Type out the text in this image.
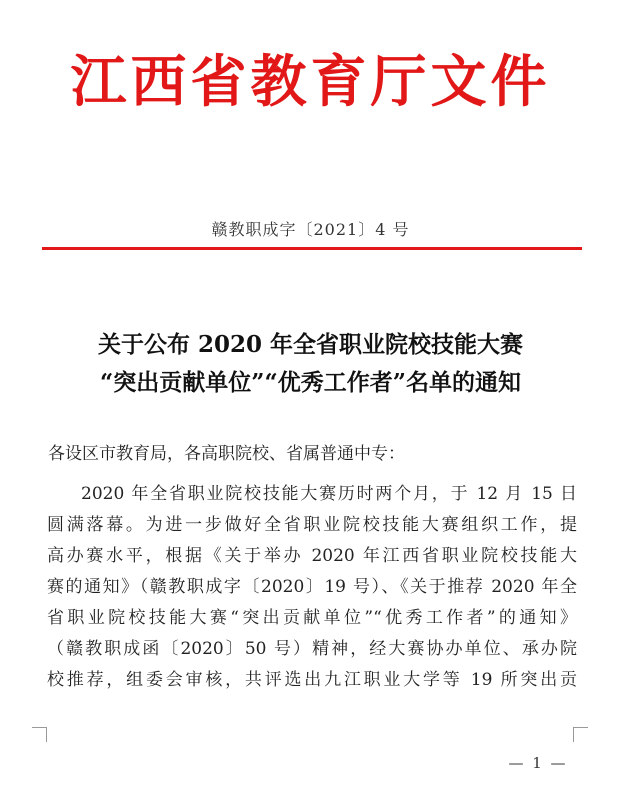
江西省教育厅文件
赣教职成字〔2021〕4 号
关于公布 2020 年全省职业院校技能大赛
“突出贡献单位”“优秀工作者”名单的通知
各设区市教育局，各高职院校、省属普通中专：
2020 年全省职业院校技能大赛历时两个月，于 12 月 15 日
圆满落幕。为进一步做好全省职业院校技能大赛组织工作，提
高办赛水平，根据《关于举办 2020 年江西省职业院校技能大
赛的通知》（赣教职成字〔2020〕19 号）、《关于推荐 2020 年全
省职业院校技能大赛“突出贡献单位”“优秀工作者”的通知》
（赣教职成函〔2020〕50 号）精神，经大赛协办单位、承办院
校推荐，组委会审核，共评选出九江职业大学等 19 所突出贡
— 1 —
